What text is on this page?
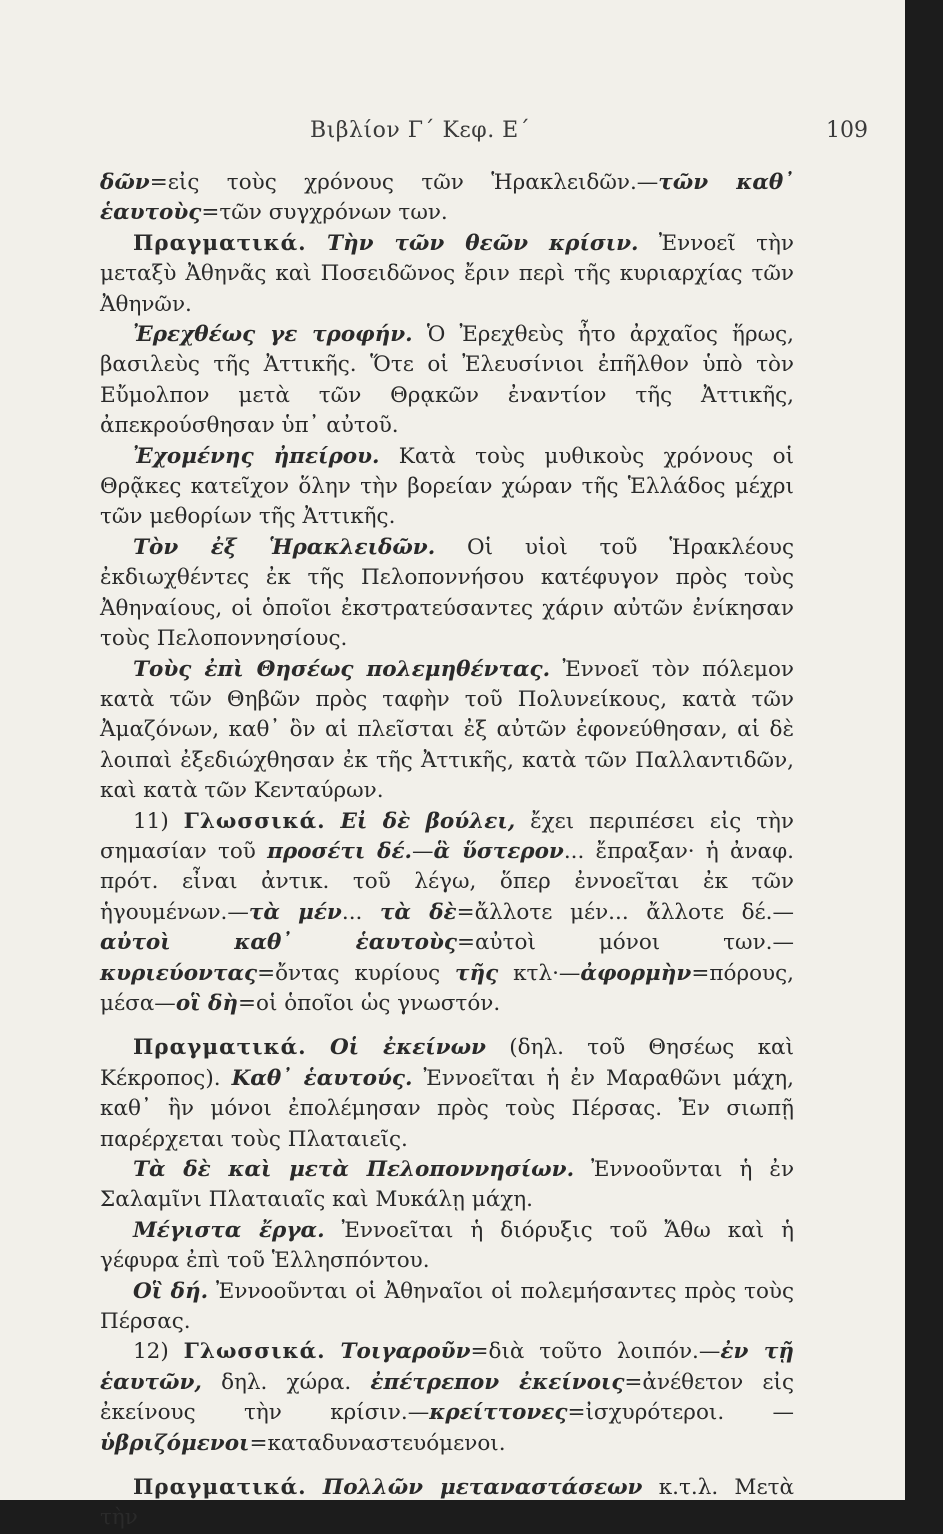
Βιβλίον Γ΄ Κεφ. Ε΄	109

δῶν=εἰς τοὺς χρόνους τῶν Ἡρακλειδῶν.—τῶν καθ᾽ ἑαυτοὺς=τῶν συγχρόνων των.

Πραγματικά. Τὴν τῶν θεῶν κρίσιν. Ἐννοεῖ τὴν μεταξὺ Ἀθηνᾶς καὶ Ποσειδῶνος ἔριν περὶ τῆς κυριαρχίας τῶν Ἀθηνῶν.

Ἐρεχθέως γε τροφήν. Ὁ Ἐρεχθεὺς ἦτο ἀρχαῖος ἥρως, βασιλεὺς τῆς Ἀττικῆς. Ὅτε οἱ Ἐλευσίνιοι ἐπῆλθον ὑπὸ τὸν Εὔμολπον μετὰ τῶν Θρᾳκῶν ἐναντίον τῆς Ἀττικῆς, ἀπεκρούσθησαν ὑπ᾽ αὐτοῦ.

Ἐχομένης ἠπείρου. Κατὰ τοὺς μυθικοὺς χρόνους οἱ Θρᾷκες κατεῖχον ὅλην τὴν βορείαν χώραν τῆς Ἑλλάδος μέχρι τῶν μεθορίων τῆς Ἀττικῆς.

Τὸν ἐξ Ἡρακλειδῶν. Οἱ υἱοὶ τοῦ Ἡρακλέους ἐκδιωχθέντες ἐκ τῆς Πελοποννήσου κατέφυγον πρὸς τοὺς Ἀθηναίους, οἱ ὁποῖοι ἐκστρατεύσαντες χάριν αὐτῶν ἐνίκησαν τοὺς Πελοποννησίους.

Τοὺς ἐπὶ Θησέως πολεμηθέντας. Ἐννοεῖ τὸν πόλεμον κατὰ τῶν Θηβῶν πρὸς ταφὴν τοῦ Πολυνείκους, κατὰ τῶν Ἀμαζόνων, καθ᾽ ὃν αἱ πλεῖσται ἐξ αὐτῶν ἐφονεύθησαν, αἱ δὲ λοιπαὶ ἐξεδιώχθησαν ἐκ τῆς Ἀττικῆς, κατὰ τῶν Παλλαντιδῶν, καὶ κατὰ τῶν Κενταύρων.

11) Γλωσσικά. Εἰ δὲ βούλει, ἔχει περιπέσει εἰς τὴν σημασίαν τοῦ προσέτι δέ.—ἃ ὕστερον... ἔπραξαν· ἡ ἀναφ. πρότ. εἶναι ἀντικ. τοῦ λέγω, ὅπερ ἐννοεῖται ἐκ τῶν ἡγουμένων.—τὰ μέν... τὰ δὲ=ἄλλοτε μέν... ἄλλοτε δέ.—αὐτοὶ καθ᾽ ἑαυτοὺς=αὐτοὶ μόνοι των.—κυριεύοντας=ὄντας κυρίους τῆς κτλ·—ἀφορμὴν=πόρους, μέσα—οἳ δὴ=οἱ ὁποῖοι ὡς γνωστόν.

Πραγματικά. Οἱ ἐκείνων (δηλ. τοῦ Θησέως καὶ Κέκροπος). Καθ᾽ ἑαυτούς. Ἐννοεῖται ἡ ἐν Μαραθῶνι μάχη, καθ᾽ ἣν μόνοι ἐπολέμησαν πρὸς τοὺς Πέρσας. Ἐν σιωπῇ παρέρχεται τοὺς Πλαταιεῖς.

Τὰ δὲ καὶ μετὰ Πελοποννησίων. Ἐννοοῦνται ἡ ἐν Σαλαμῖνι Πλαταιαῖς καὶ Μυκάλῃ μάχη.

Μέγιστα ἔργα. Ἐννοεῖται ἡ διόρυξις τοῦ Ἄθω καὶ ἡ γέφυρα ἐπὶ τοῦ Ἑλλησπόντου.

Οἳ δή. Ἐννοοῦνται οἱ Ἀθηναῖοι οἱ πολεμήσαντες πρὸς τοὺς Πέρσας.

12) Γλωσσικά. Τοιγαροῦν=διὰ τοῦτο λοιπόν.—ἐν τῇ ἑαυτῶν, δηλ. χώρα. ἐπέτρεπον ἐκείνοις=ἀνέθετον εἰς ἐκείνους τὴν κρίσιν.—κρείττονες=ἰσχυρότεροι. — ὑβριζόμενοι=καταδυναστευόμενοι.

Πραγματικά. Πολλῶν μεταναστάσεων κ.τ.λ. Μετὰ τὴν
